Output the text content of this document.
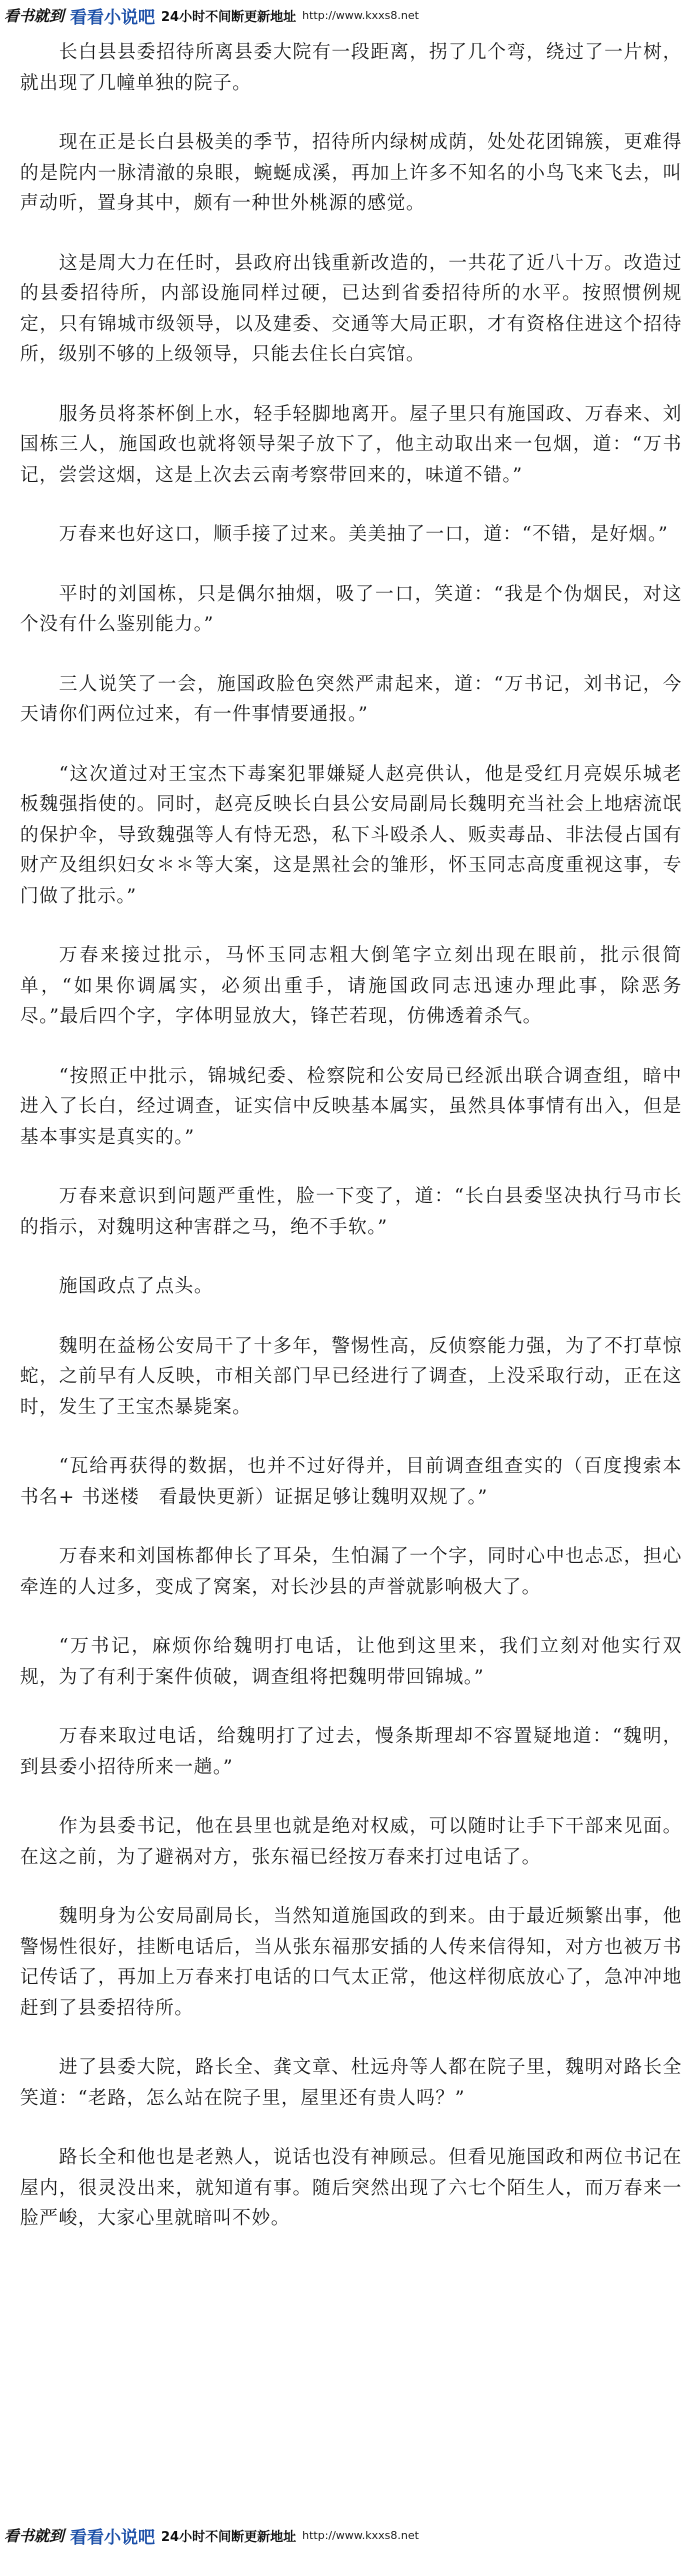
看书就到 看看小说吧 24小时不间断更新地址 http://www.kxxs8.net

长白县县委招待所离县委大院有一段距离，拐了几个弯，绕过了一片树，就出现了几幢单独的院子。

现在正是长白县极美的季节，招待所内绿树成荫，处处花团锦簇，更难得的是院内一脉清澈的泉眼，蜿蜒成溪，再加上许多不知名的小鸟飞来飞去，叫声动听，置身其中，颇有一种世外桃源的感觉。

这是周大力在任时，县政府出钱重新改造的，一共花了近八十万。改造过的县委招待所，内部设施同样过硬，已达到省委招待所的水平。按照惯例规定，只有锦城市级领导，以及建委、交通等大局正职，才有资格住进这个招待所，级别不够的上级领导，只能去住长白宾馆。

服务员将茶杯倒上水，轻手轻脚地离开。屋子里只有施国政、万春来、刘国栋三人，施国政也就将领导架子放下了，他主动取出来一包烟，道：“万书记，尝尝这烟，这是上次去云南考察带回来的，味道不错。”

万春来也好这口，顺手接了过来。美美抽了一口，道：“不错，是好烟。”

平时的刘国栋，只是偶尔抽烟，吸了一口，笑道：“我是个伪烟民，对这个没有什么鉴别能力。”

三人说笑了一会，施国政脸色突然严肃起来，道：“万书记，刘书记，今天请你们两位过来，有一件事情要通报。”

“这次道过对王宝杰下毒案犯罪嫌疑人赵亮供认，他是受红月亮娱乐城老板魏强指使的。同时，赵亮反映长白县公安局副局长魏明充当社会上地痞流氓的保护伞，导致魏强等人有恃无恐，私下斗殴杀人、贩卖毒品、非法侵占国有财产及组织妇女＊＊等大案，这是黑社会的雏形，怀玉同志高度重视这事，专门做了批示。”

万春来接过批示，马怀玉同志粗大倒笔字立刻出现在眼前，批示很简单，“如果你调属实，必须出重手，请施国政同志迅速办理此事，除恶务尽。”最后四个字，字体明显放大，锋芒若现，仿佛透着杀气。

“按照正中批示，锦城纪委、检察院和公安局已经派出联合调查组，暗中进入了长白，经过调查，证实信中反映基本属实，虽然具体事情有出入，但是基本事实是真实的。”

万春来意识到问题严重性，脸一下变了，道：“长白县委坚决执行马市长的指示，对魏明这种害群之马，绝不手软。”

施国政点了点头。

魏明在益杨公安局干了十多年，警惕性高，反侦察能力强，为了不打草惊蛇，之前早有人反映，市相关部门早已经进行了调查，上没采取行动，正在这时，发生了王宝杰暴毙案。

“瓦给再获得的数据，也并不过好得并，目前调查组查实的（百度搜索本书名+ 书迷楼　看最快更新）证据足够让魏明双规了。”

万春来和刘国栋都伸长了耳朵，生怕漏了一个字，同时心中也忐忑，担心牵连的人过多，变成了窝案，对长沙县的声誉就影响极大了。

“万书记，麻烦你给魏明打电话，让他到这里来，我们立刻对他实行双规，为了有利于案件侦破，调查组将把魏明带回锦城。”

万春来取过电话，给魏明打了过去，慢条斯理却不容置疑地道：“魏明，到县委小招待所来一趟。”

作为县委书记，他在县里也就是绝对权威，可以随时让手下干部来见面。在这之前，为了避祸对方，张东福已经按万春来打过电话了。

魏明身为公安局副局长，当然知道施国政的到来。由于最近频繁出事，他警惕性很好，挂断电话后，当从张东福那安插的人传来信得知，对方也被万书记传话了，再加上万春来打电话的口气太正常，他这样彻底放心了，急冲冲地赶到了县委招待所。

进了县委大院，路长全、龚文章、杜远舟等人都在院子里，魏明对路长全笑道：“老路，怎么站在院子里，屋里还有贵人吗？”

路长全和他也是老熟人，说话也没有神顾忌。但看见施国政和两位书记在屋内，很灵没出来，就知道有事。随后突然出现了六七个陌生人，而万春来一脸严峻，大家心里就暗叫不妙。

看书就到 看看小说吧 24小时不间断更新地址 http://www.kxxs8.net
